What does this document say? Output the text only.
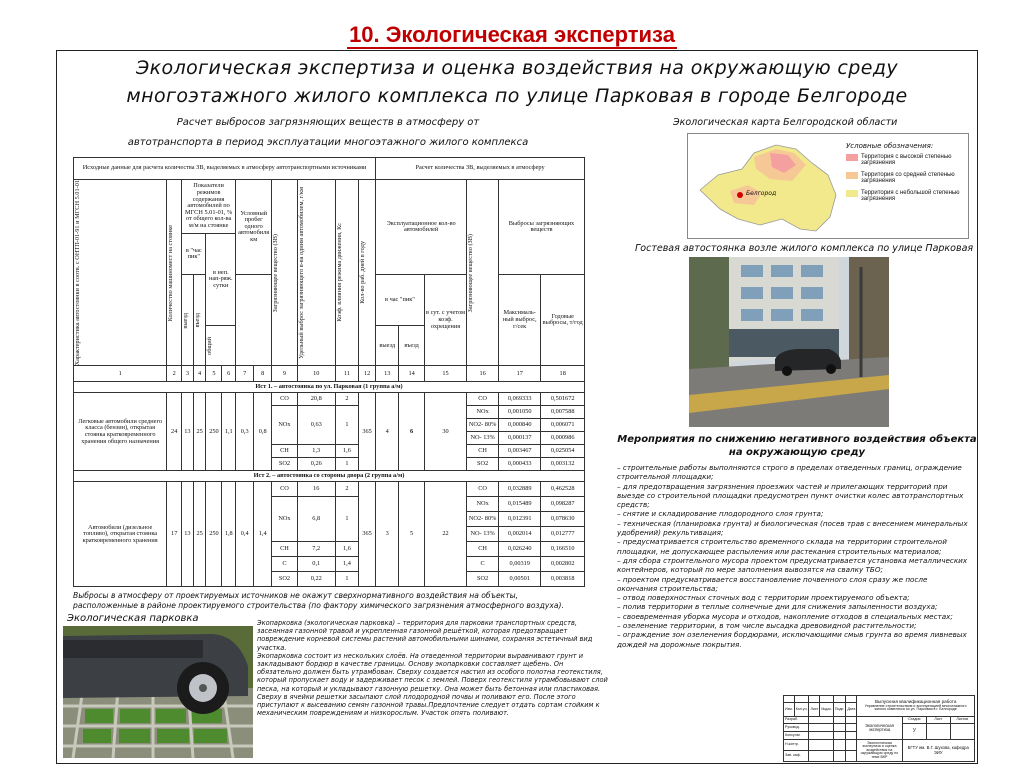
10. Экологическая экспертиза
Экологическая экспертиза и оценка воздействия на окружающую среду
многоэтажного жилого комплекса по улице Парковая в городе Белгороде
Расчет выбросов загрязняющих веществ в атмосферу от
автотранспорта в период эксплуатации многоэтажного жилого комплекса
Исходные данные для расчета количества ЗВ, выделяемых в атмосферу автотранспортными источниками												Расчет количества ЗВ, выделяемых в атмосферу					

Характеристика автостоянки в соотв. с ОНТП-01-91 и МГСН 5.01-01	Количество машиномест на стоянке	Показатели режимов содержания автомобилей по МГСН 5.01-01, % от общего кол-ва м/м на стоянке				Условный пробег одного автомобиля км		Загрязняющее вещество (ЗВ)	Удельный выброс загрязняющего в-ва одним автомобилем, г/км	Коэф. влияния режима движения, Кс	Кол-во раб. дней в году	Эксплуатационное кол-во автомобилей			Загрязняющее вещество (ЗВ)	Выбросы загрязняющих веществ	
		в "час пик"		в неп. нап-ряж. сутки													

		выезд	въезд									в час "пик"		в сут. с учетом коэф. охрещения		Максималь-ный выброс, г/сек	Годовые выбросы, т/год

				общий								выезд	въезд				
1	2	3	4	5	6	7	8	9	10	11	12	13	14	15	16	17	18
Ист 1. – автостоянка по ул. Парковая (1 группа а/м)																	
Легковые автомобили среднего класса (бензин), открытая стоянка кратковременного хранения общего назначения	24	13	25	250	1,1	0,3	0,8	CO	20,8	2	365	4	6	30	CO	0,069333	0,501672
								NOx	0,63	1					NOx	0,001050	0,007588
															NO2- 80%	0,000840	0,006071
															NO- 13%	0,000137	0,000986
								CH	1,3	1,6					CH	0,003467	0,025054
								SO2	0,26	1					SO2	0,000433	0,003132
Ист 2. – автостоянка со стороны двора (2 группа а/м)																	
Автомобили (дизельное топливо), открытая стоянка кратковременного хранения	17	13	25	250	1,8	0,4	1,4	CO	16	2	365	3	5	22	CO	0,032889	0,462528
								NOx	6,8	1					NOx	0,015489	0,098287
															NO2- 80%	0,012391	0,078630
															NO- 13%	0,002014	0,012777
								CH	7,2	1,6					CH	0,026240	0,166510
								C	0,1	1,4					C	0,00319	0,002802
								SO2	0,22	1					SO2	0,00501	0,003818
Выбросы в атмосферу от проектируемых источников не окажут сверхнормативного воздействия на объекты, расположенные в районе проектируемого строительства (по фактору химического загрязнения атмосферного воздуха).
Экологическая парковка	Экопарковка (экологическая парковка) – территория для парковки транспортных средств, засеянная газонной травой и укрепленная газонной решёткой, которая предотвращает повреждение корневой системы растений автомобильными шинами, сохраняя эстетичный вид участка.
Экопарковка состоит из нескольких слоёв. На отведенной территории выравнивают грунт и закладывают бордюр в качестве границы. Основу экопарковки составляет щебень. Он обязательно должен быть утрамбован. Сверху создается настил из особого полотна геотекстиля, который пропускает воду и задерживает песок с землей. Поверх геотекстиля утрамбовывают слой песка, на который и укладывают газонную решетку. Она может быть бетонная или пластиковая. Сверху в ячейки решетки засыпают слой плодородной почвы и поливают его. После этого приступают к высеванию семян газонной травы.Предпочтение следует отдать сортам стойким к механическим повреждениям и низкорослым. Участок опять поливают.
Экологическая карта Белгородской области
Белгород
Условные обозначения:
Территория с высокой степенью загрязнения
Территория со средней степенью загрязнения
Территория с небольшой степенью загрязнения
Гостевая автостоянка возле жилого комплекса по улице Парковая
Мероприятия по снижению негативного воздействия объекта на окружающую среду
– строительные работы выполняются строго в пределах отведенных границ, ограждение строительной площадки;
– для предотвращения загрязнения проезжих частей и прилегающих территорий при выезде со строительной площадки предусмотрен пункт очистки колес автотранспортных средств;
– снятие и складирование плодородного слоя грунта;
– техническая (планировка грунта) и биологическая (посев трав с внесением минеральных удобрений) рекультивация;
– предусматривается строительство временного склада на территории строительной площадки, не допускающее распыления или растекания строительных материалов;
– для сбора строительного мусора проектом предусматривается установка металлических контейнеров, который по мере заполнения вывозятся на свалку ТБО;
– проектом предусматривается восстановление почвенного слоя сразу же после окончания строительства;
– отвод поверхностных сточных вод с территории проектируемого объекта;
– полив территории в теплые солнечные дни для снижения запыленности воздуха;
– своевременная уборка мусора и отходов, накопление отходов в специальных местах;
– озеленение территории, в том числе высадка древовидной растительности;
– ограждение зон озеленения бордюрами, исключающими смыв грунта во время ливневых дождей на дорожные покрытия.

						Выпускная квалификационная работа
Управление строительством и эксплуатацией многоэтажного жилого комплекса по ул. Парковая в г. Белгороде			

Изм.	Кол.уч.	Лист	№док.	Подп.	Дата				
Разраб.						Экологическая экспертиза	Стадия	Лист	Листов
Руковод.							У		
Консульт.									
Н.контр.						Экологическая экспертиза и оценка воздействия на окружающую среду по теме ВКР	БГТУ им. В.Г. Шухова, кафедра ЭИУ		
Зав. каф.									
